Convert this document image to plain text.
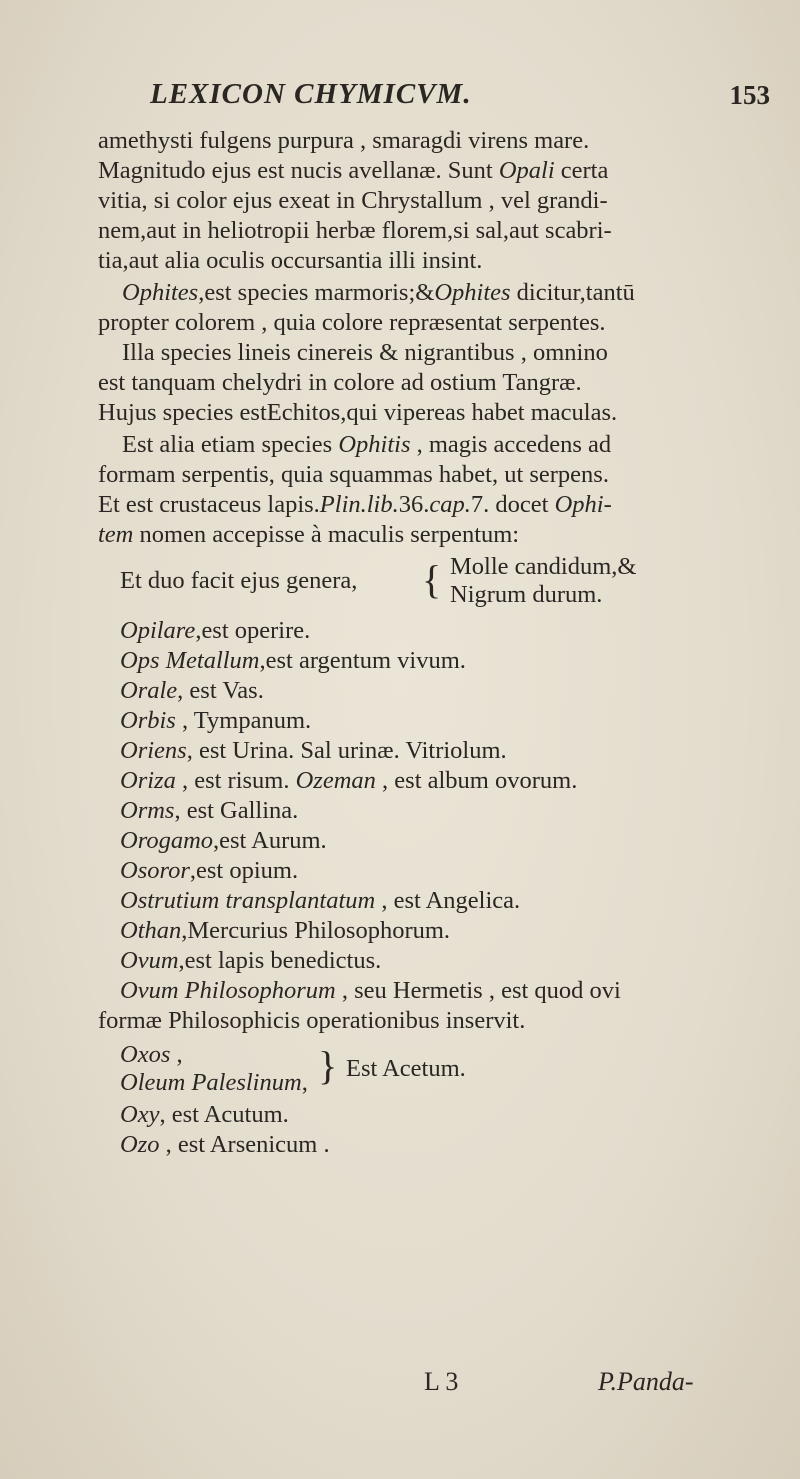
LEXICON CHYMICVM.	153
amethysti fulgens purpura , smaragdi virens mare.
Magnitudo ejus est nucis avellanæ. Sunt Opali certa
vitia, si color ejus exeat in Chrystallum , vel grandi-
nem,aut in heliotropii herbæ florem,si sal,aut scabri-
tia,aut alia oculis occursantia illi insint.
Ophites,est species marmoris;&Ophites dicitur,tantū
propter colorem , quia colore repræsentat serpentes.
Illa species lineis cinereis & nigrantibus , omnino
est tanquam chelydri in colore ad ostium Tangræ.
Hujus species estEchitos,qui vipereas habet maculas.
Est alia etiam species Ophitis , magis accedens ad
formam serpentis, quia squammas habet, ut serpens.
Et est crustaceus lapis.Plin.lib.36.cap.7. docet Ophi-
tem nomen accepisse à maculis serpentum:
Molle candidum,&
Et duo facit ejus genera, { Nigrum durum.
Opilare,est operire.
Ops Metallum,est argentum vivum.
Orale, est Vas.
Orbis , Tympanum.
Oriens, est Urina. Sal urinæ. Vitriolum.
Oriza , est risum. Ozeman , est album ovorum.
Orms, est Gallina.
Orogamo,est Aurum.
Osoror,est opium.
Ostrutium transplantatum , est Angelica.
Othan,Mercurius Philosophorum.
Ovum,est lapis benedictus.
Ovum Philosophorum , seu Hermetis , est quod ovi
formæ Philosophicis operationibus inservit.
Oxos ,	} Est Acetum.
Oleum Paleslinum,
Oxy, est Acutum.
Ozo , est Arsenicum .
L 3	P.Panda-
